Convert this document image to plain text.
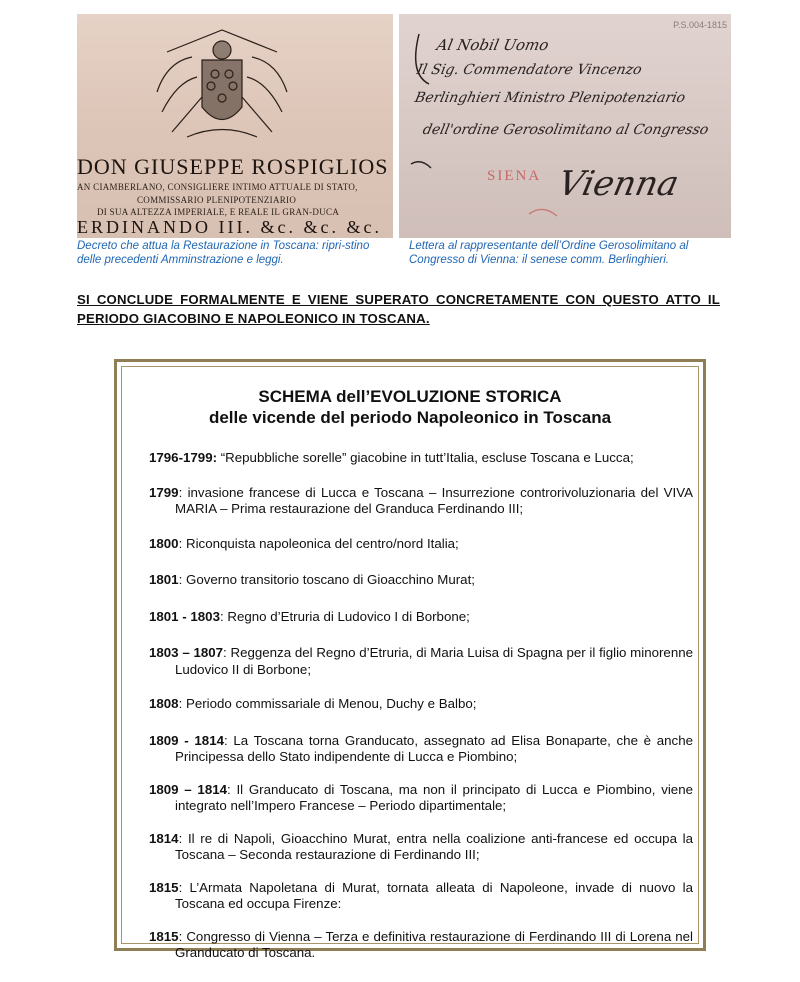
DON GIUSEPPE ROSPIGLIOS
AN CIAMBERLANO, CONSIGLIERE INTIMO ATTUALE DI STATO,
COMMISSARIO PLENIPOTENZIARIO
DI SUA ALTEZZA IMPERIALE, E REALE IL GRAN-DUCA
ERDINANDO III. &c. &c. &c.
P.S.004-1815
Al Nobil Uomo
Il Sig. Commendatore Vincenzo
Berlinghieri Ministro Plenipotenziario
dell'ordine Gerosolimitano al Congresso
SIENA Vienna
Decreto che attua la Restaurazione in Toscana: ripri-stino delle precedenti Amminstrazione e leggi.
Lettera al rappresentante dell’Ordine Gerosolimitano al Congresso di Vienna: il senese comm. Berlinghieri.
SI CONCLUDE FORMALMENTE E VIENE SUPERATO CONCRETAMENTE CON QUESTO ATTO IL PERIODO GIACOBINO E NAPOLEONICO IN TOSCANA.
SCHEMA dell’EVOLUZIONE STORICA
delle vicende del periodo Napoleonico in Toscana

1796-1799: “Repubbliche sorelle” giacobine in tutt’Italia, escluse Toscana e Lucca;

1799: invasione francese di Lucca e Toscana – Insurrezione controrivoluzionaria del VIVA MARIA – Prima restaurazione del Granduca Ferdinando III;

1800: Riconquista napoleonica del centro/nord Italia;

1801: Governo transitorio toscano di Gioacchino Murat;

1801 - 1803: Regno d’Etruria di Ludovico I di Borbone;

1803 – 1807: Reggenza del Regno d’Etruria, di Maria Luisa di Spagna per il figlio minorenne Ludovico II di Borbone;

1808: Periodo commissariale di Menou, Duchy e Balbo;

1809 - 1814: La Toscana torna Granducato, assegnato ad Elisa Bonaparte, che è anche Principessa dello Stato indipendente di Lucca e Piombino;

1809 – 1814: Il Granducato di Toscana, ma non il principato di Lucca e Piombino, viene integrato nell’Impero Francese – Periodo dipartimentale;

1814: Il re di Napoli, Gioacchino Murat, entra nella coalizione anti-francese ed occupa la Toscana – Seconda restaurazione di Ferdinando III;

1815: L’Armata Napoletana di Murat, tornata alleata di Napoleone, invade di nuovo la Toscana ed occupa Firenze:

1815: Congresso di Vienna – Terza e definitiva restaurazione di Ferdinando III di Lorena nel Granducato di Toscana.
